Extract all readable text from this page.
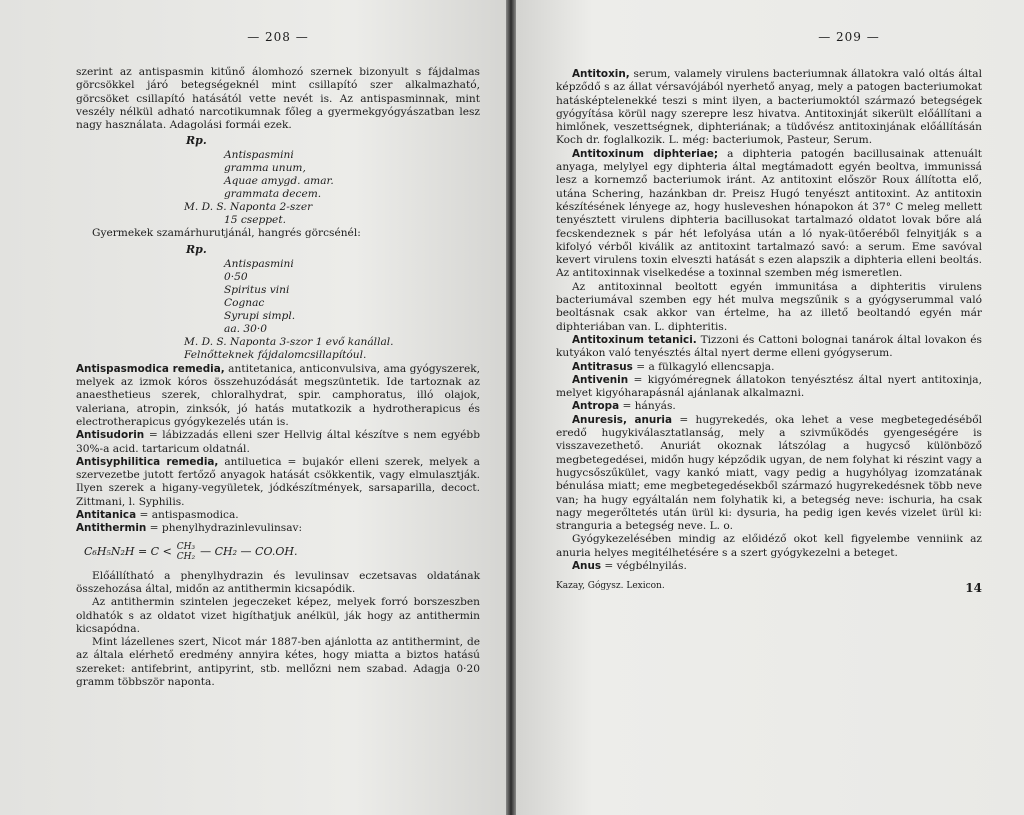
— 208 —

szerint az antispasmin kitűnő álomhozó szernek bizonyult s fájdalmas görcsökkel járó betegségeknél mint csillapító szer alkalmazható, görcsöket csillapító hatásától vette nevét is. Az antispasminnak, mint veszély nélkül adható narcotikumnak főleg a gyermekgyógyászatban lesz nagy használata. Adagolási formái ezek.

Rp.
Antispasmini
gramma unum,
Aquae amygd. amar.
grammata decem.
M. D. S. Naponta 2-szer
15 cseppet.

Gyermekek szamárhurutjánál, hangrés görcsénél:

Rp.
Antispasmini
0·50
Spiritus vini
Cognac
Syrupi simpl.
aa. 30·0
M. D. S. Naponta 3-szor 1 evő kanállal.
Felnőtteknek fájdalomcsillapítóul.

Antispasmodica remedia, antitetanica, anticonvulsiva, ama gyógyszerek, melyek az izmok kóros összehuzódását megszüntetik. Ide tartoznak az anaesthetieus szerek, chloralhydrat, spir. camphoratus, illó olajok, valeriana, atropin, zinksók, jó hatás mutatkozik a hydrotherapicus és electrotherapicus gyógykezelés után is.

Antisudorin = lábizzadás elleni szer Hellvig által készítve s nem egyébb 30%-a acid. tartaricum oldatnál.

Antisyphilitica remedia, antiluetica = bujakór elleni szerek, melyek a szervezetbe jutott fertőző anyagok hatását csökkentik, vagy elmulasztják. Ilyen szerek a higany-vegyületek, jódkészítmények, sarsaparilla, decoct. Zittmani, l. Syphilis.

Antitanica = antispasmodica.

Antithermin = phenylhydrazinlevulinsav:

C₆H₅N₂H = C < CH₃
CH₂ — CH₂ — CO.OH.

Előállítható a phenylhydrazin és levulinsav eczetsavas oldatának összehozása által, midőn az antithermin kicsapódik.

Az antithermin szintelen jegeczeket képez, melyek forró borszeszben oldhatók s az oldatot vizet higíthatjuk anélkül, ják hogy az antithermin kicsapódna.

Mint lázellenes szert, Nicot már 1887-ben ajánlotta az antithermint, de az általa elérhető eredmény annyira kétes, hogy miatta a biztos hatású szereket: antifebrint, antipyrint, stb. mellőzni nem szabad. Adagja 0·20 gramm többször naponta.

— 209 —

Antitoxin, serum, valamely virulens bacteriumnak állatokra való oltás által képződő s az állat vérsavójából nyerhető anyag, mely a patogen bacteriumokat hatásképtelenekké teszi s mint ilyen, a bacteriumoktól származó betegségek gyógyítása körül nagy szerepre lesz hivatva. Antitoxinját sikerült előállítani a himlőnek, veszettségnek, diphteriának; a tüdővész antitoxinjának előállításán Koch dr. foglalkozik. L. még: bacteriumok, Pasteur, Serum.

Antitoxinum diphteriae; a diphteria patogén bacillusainak attenuált anyaga, melylyel egy diphteria által megtámadott egyén beoltva, immunissá lesz a kornemző bacteriumok iránt. Az antitoxint először Roux állította elő, utána Schering, hazánkban dr. Preisz Hugó tenyészt antitoxint. Az antitoxin készítésének lényege az, hogy husleveshen hónapokon át 37° C meleg mellett tenyésztett virulens diphteria bacillusokat tartalmazó oldatot lovak bőre alá fecskendeznek s pár hét lefolyása után a ló nyak-ütőeréből felnyitják s a kifolyó vérből kiválik az antitoxint tartalmazó savó: a serum. Eme savóval kevert virulens toxin elveszti hatását s ezen alapszik a diphteria elleni beoltás. Az antitoxinnak viselkedése a toxinnal szemben még ismeretlen.

Az antitoxinnal beoltott egyén immunitása a diphteritis virulens bacteriumával szemben egy hét mulva megszűnik s a gyógyserummal való beoltásnak csak akkor van értelme, ha az illető beoltandó egyén már diphteriában van. L. diphteritis.

Antitoxinum tetanici. Tizzoni és Cattoni bolognai tanárok által lovakon és kutyákon való tenyésztés által nyert derme elleni gyógyserum.

Antitrasus = a fülkagyló ellencsapja.

Antivenin = kigyóméregnek állatokon tenyésztész által nyert antitoxinja, melyet kigyóharapásnál ajánlanak alkalmazni.

Antropa = hányás.

Anuresis, anuria = hugyrekedés, oka lehet a vese megbetegedéséből eredő hugykiválasztatlanság, mely a szivműködés gyengeségére is visszavezethető. Anuriát okoznak látszólag a hugycső különböző megbetegedései, midőn hugy képződik ugyan, de nem folyhat ki részint vagy a hugycsőszűkület, vagy kankó miatt, vagy pedig a hugyhólyag izomzatának bénulása miatt; eme megbetegedésekből származó hugyrekedésnek több neve van; ha hugy egyáltalán nem folyhatik ki, a betegség neve: ischuria, ha csak nagy megerőltetés után ürül ki: dysuria, ha pedig igen kevés vizelet ürül ki: stranguria a betegség neve. L. o.

Gyógykezelésében mindig az előidéző okot kell figyelembe venniink az anuria helyes megitélhetésére s a szert gyógykezelni a beteget.

Anus = végbélnyilás.

Kazay, Gógysz. Lexicon.	14
